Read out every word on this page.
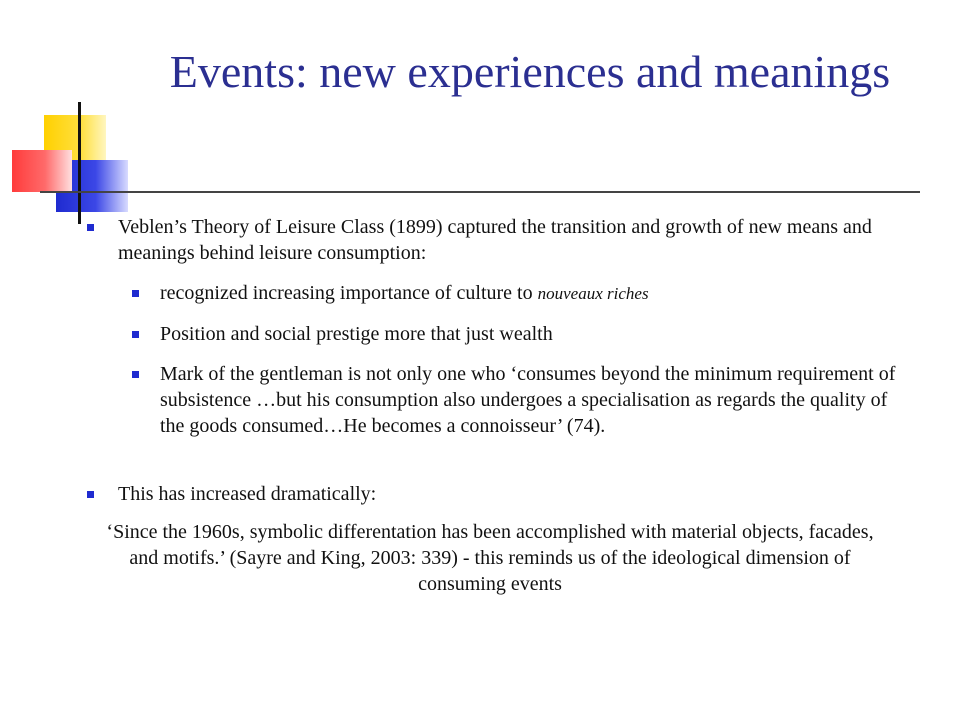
Events: new experiences and meanings
Veblen’s Theory of Leisure Class (1899) captured the transition and growth of new means and meanings behind leisure consumption:
recognized increasing importance of culture to nouveaux riches
Position and social prestige more that just wealth
Mark of the gentleman is not only one who ‘consumes beyond the minimum requirement of subsistence …but his consumption also undergoes a specialisation as regards the quality of the goods consumed…He becomes a connoisseur’ (74).
This has increased dramatically:
‘Since the 1960s, symbolic differentation has been accomplished with material objects, facades, and motifs.’ (Sayre and King, 2003: 339) - this reminds us of the ideological dimension of consuming events
